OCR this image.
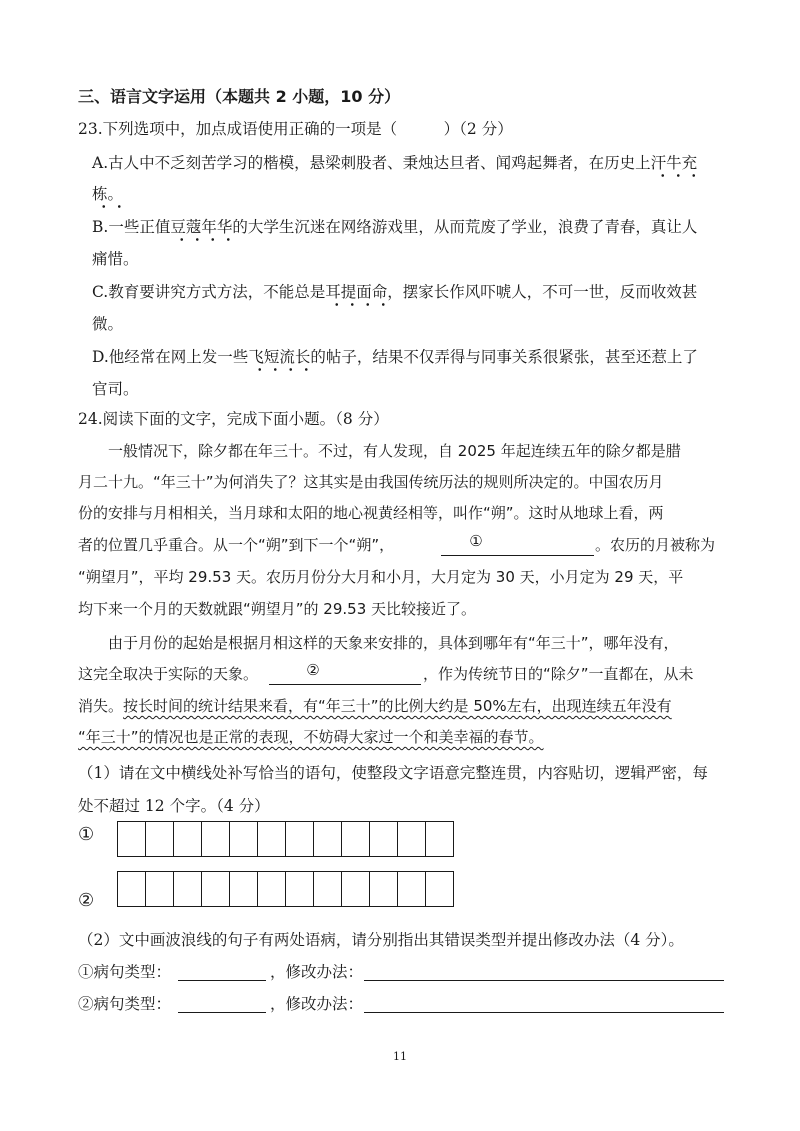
三、语言文字运用（本题共 2 小题，10 分）
23.下列选项中，加点成语使用正确的一项是（　　　）（2 分）
A.古人中不乏刻苦学习的楷模，悬梁刺股者、秉烛达旦者、闻鸡起舞者，在历史上汗牛充
栋。
B.一些正值豆蔻年华的大学生沉迷在网络游戏里，从而荒废了学业，浪费了青春，真让人
痛惜。
C.教育要讲究方式方法，不能总是耳提面命，摆家长作风吓唬人，不可一世，反而收效甚
微。
D.他经常在网上发一些飞短流长的帖子，结果不仅弄得与同事关系很紧张，甚至还惹上了
官司。
24.阅读下面的文字，完成下面小题。（8 分）
　　一般情况下，除夕都在年三十。不过，有人发现，自 2025 年起连续五年的除夕都是腊
月二十九。“年三十”为何消失了？这其实是由我国传统历法的规则所决定的。中国农历月
份的安排与月相相关，当月球和太阳的地心视黄经相等，叫作“朔”。这时从地球上看，两
者的位置几乎重合。从一个“朔”到下一个“朔”，	①	。农历的月被称为
“朔望月”，平均 29.53 天。农历月份分大月和小月，大月定为 30 天，小月定为 29 天，平
均下来一个月的天数就跟“朔望月”的 29.53 天比较接近了。
　　由于月份的起始是根据月相这样的天象来安排的，具体到哪年有“年三十”，哪年没有，
这完全取决于实际的天象。	②	，作为传统节日的“除夕”一直都在，从未
消失。按长时间的统计结果来看，有“年三十”的比例大约是 50%左右，出现连续五年没有
“年三十”的情况也是正常的表现，不妨碍大家过一个和美幸福的春节。
（1）请在文中横线处补写恰当的语句，使整段文字语意完整连贯，内容贴切，逻辑严密，每
处不超过 12 个字。（4 分）
①
②
（2）文中画波浪线的句子有两处语病，请分别指出其错误类型并提出修改办法（4 分）。
①病句类型：	，修改办法：
②病句类型：	，修改办法：
11
